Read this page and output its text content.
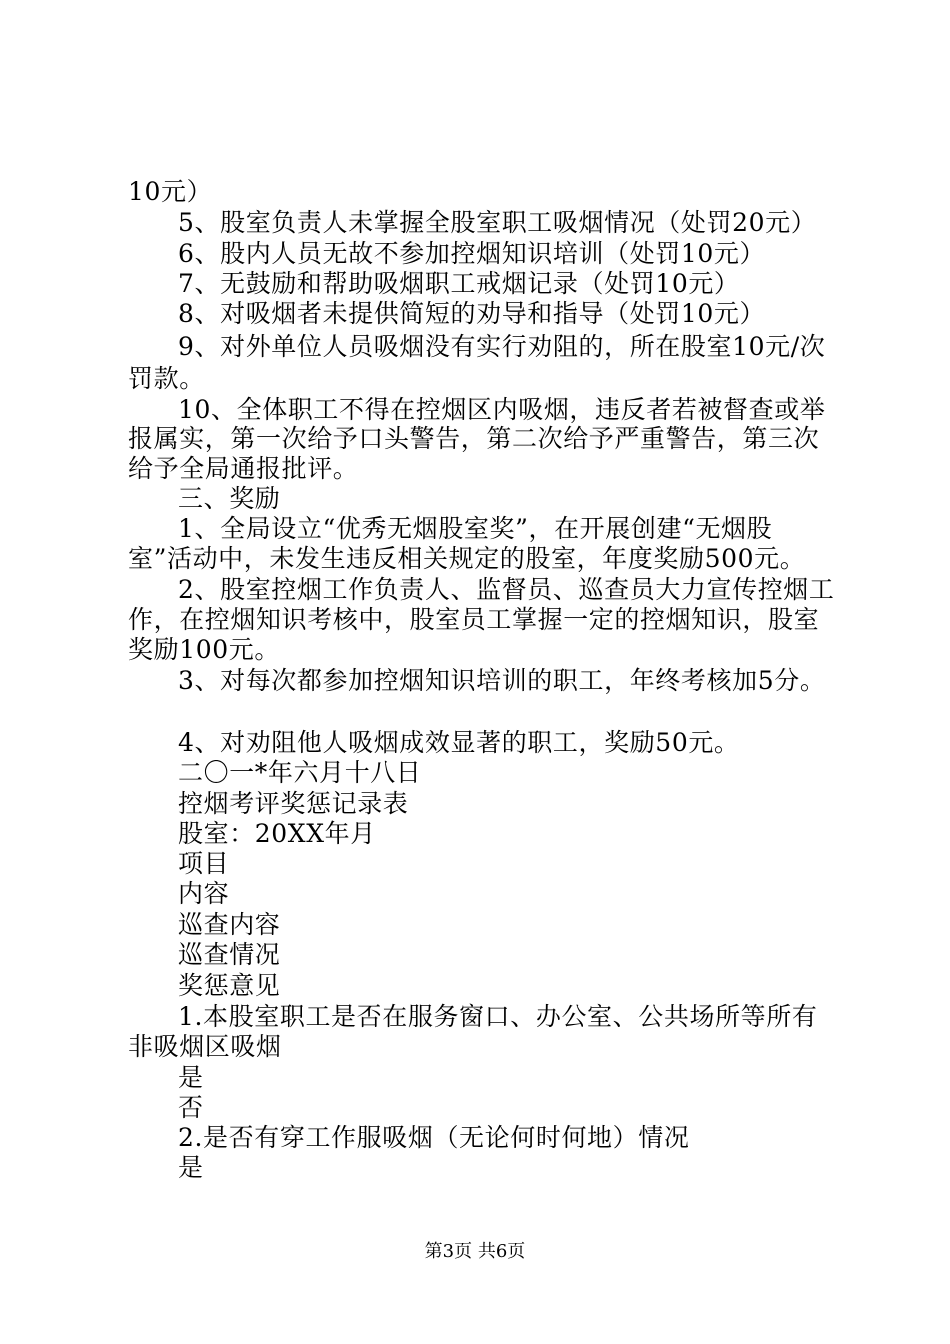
10元）
5、股室负责人未掌握全股室职工吸烟情况（处罚20元）
6、股内人员无故不参加控烟知识培训（处罚10元）
7、无鼓励和帮助吸烟职工戒烟记录（处罚10元）
8、对吸烟者未提供简短的劝导和指导（处罚10元）
9、对外单位人员吸烟没有实行劝阻的，所在股室10元/次
罚款。
10、全体职工不得在控烟区内吸烟，违反者若被督查或举
报属实，第一次给予口头警告，第二次给予严重警告，第三次
给予全局通报批评。
三、奖励
1、全局设立“优秀无烟股室奖”，在开展创建“无烟股
室”活动中，未发生违反相关规定的股室，年度奖励500元。
2、股室控烟工作负责人、监督员、巡查员大力宣传控烟工
作，在控烟知识考核中，股室员工掌握一定的控烟知识，股室
奖励100元。
3、对每次都参加控烟知识培训的职工，年终考核加5分。
4、对劝阻他人吸烟成效显著的职工，奖励50元。
二〇一*年六月十八日
控烟考评奖惩记录表
股室：20XX年月
项目
内容
巡查内容
巡查情况
奖惩意见
1.本股室职工是否在服务窗口、办公室、公共场所等所有
非吸烟区吸烟
是
否
2.是否有穿工作服吸烟（无论何时何地）情况
是
第3页 共6页
